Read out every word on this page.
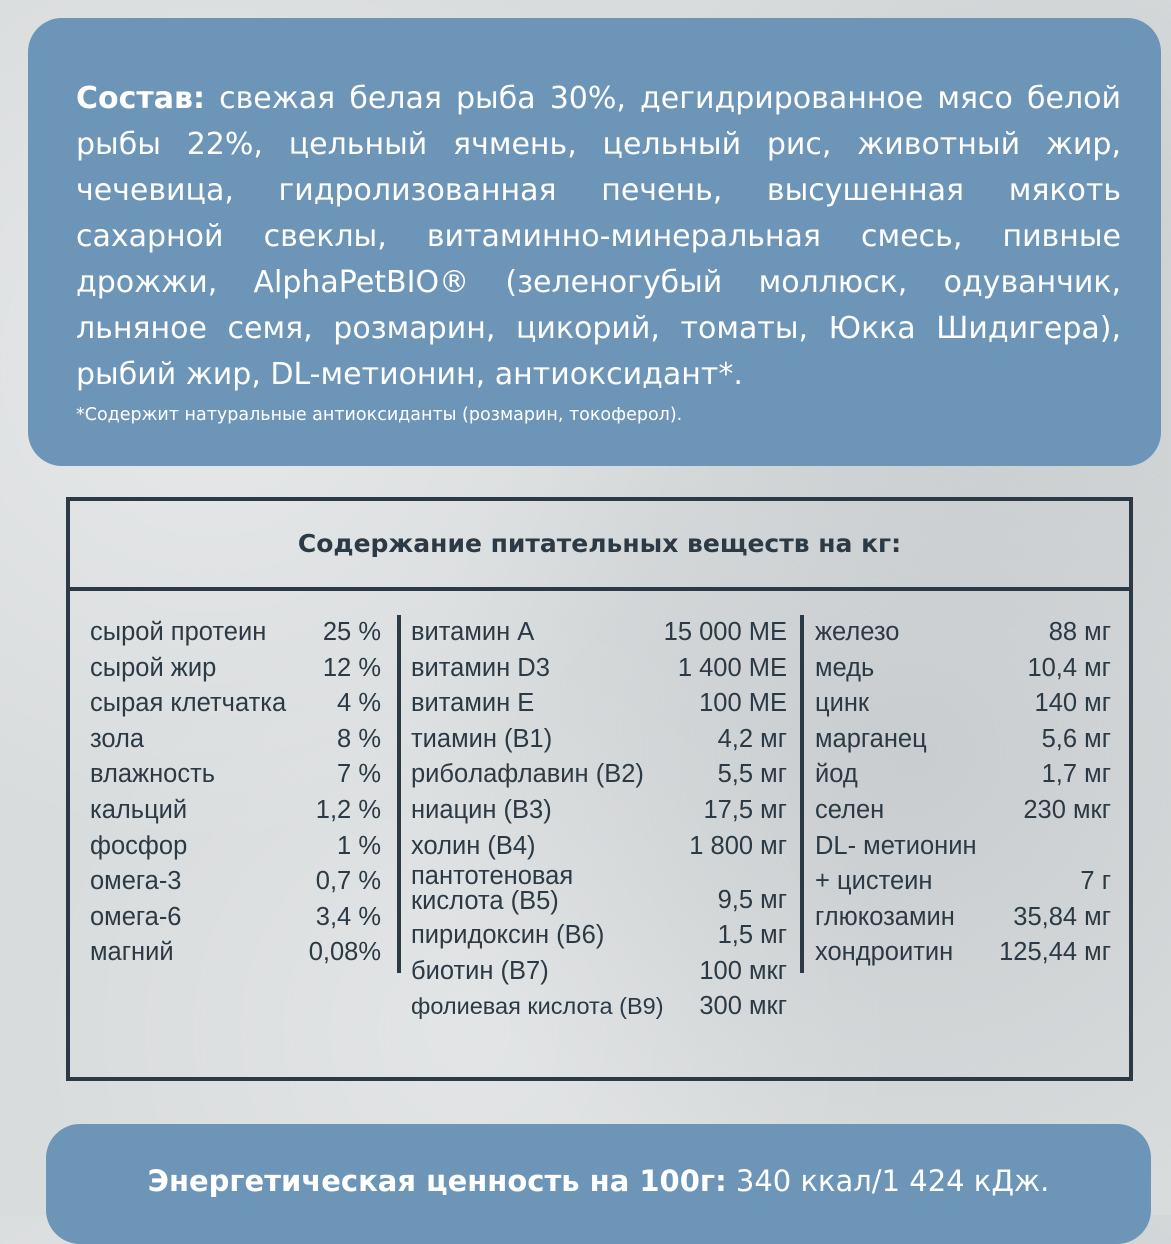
Состав: свежая белая рыба 30%, дегидрированное мясо белой рыбы 22%, цельный ячмень, цельный рис, животный жир, чечевица, гидролизованная печень, высушенная мякоть сахарной свеклы, витаминно-минеральная смесь, пивные дрожжи, AlphaPetBIO® (зеленогубый моллюск, одуванчик, льняное семя, розмарин, цикорий, томаты, Юкка Шидигера), рыбий жир, DL-метионин, антиоксидант*.

*Содержит натуральные антиоксиданты (розмарин, токоферол).
Содержание питательных веществ на кг:
сырой протеин 25 %
сырой жир	12 %
сырая клетчатка 4 %
зола	8 %
влажность	7 %
кальций	1,2 %
фосфор	1 %
омега-3	0,7 %
омега-6	3,4 %
магний	0,08%
витамин А	15 000 МЕ
витамин D3	1 400 МЕ
витамин Е	100 МЕ
тиамин (В1)	4,2 мг
рибoлафлавин (В2)	5,5 мг
ниацин (В3)	17,5 мг
холин (В4)	1 800 мг
пантотеновая кислота (В5)	9,5 мг
пиридоксин (В6)	1,5 мг
биотин (В7)	100 мкг
фолиевая кислота (В9) 300 мкг
железо	88 мг
медь	10,4 мг
цинк	140 мг
марганец	5,6 мг
йод	1,7 мг
селен	230 мкг
DL- метионин
+ цистеин	7 г
глюкозамин 35,84 мг
хондроитин 125,44 мг
Энергетическая ценность на 100г: 340 ккал/1 424 кДж.
